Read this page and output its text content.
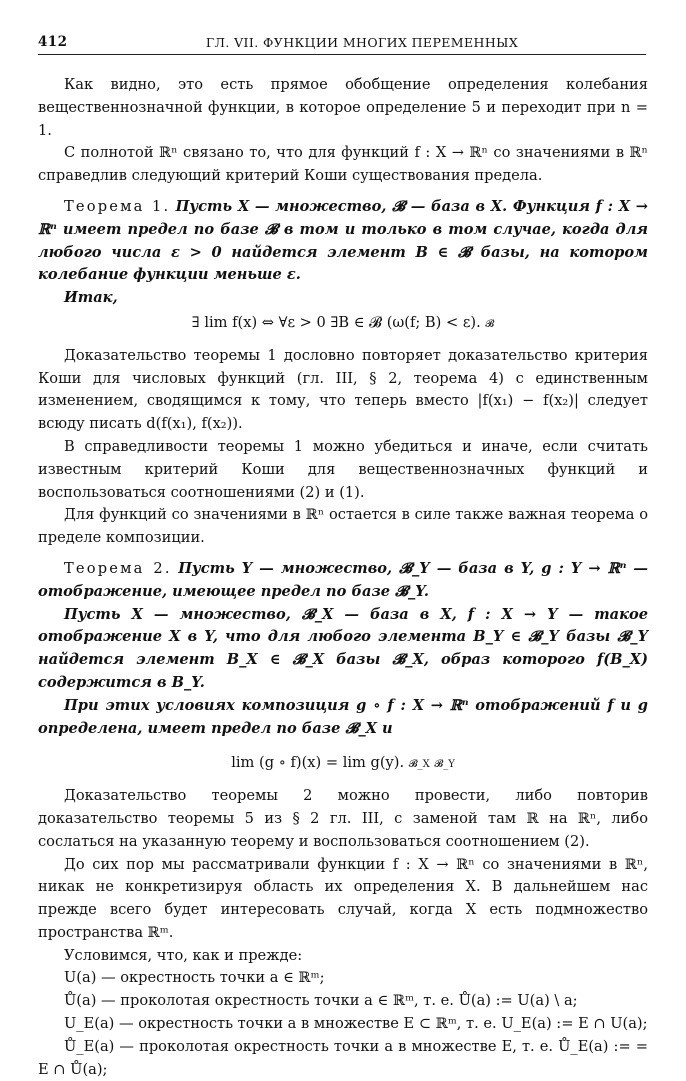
412	ГЛ. VII. ФУНКЦИИ МНОГИХ ПЕРЕМЕННЫХ

Как видно, это есть прямое обобщение определения колебания вещественнозначной функции, в которое определение 5 и переходит при n = 1.

С полнотой ℝⁿ связано то, что для функций f : X → ℝⁿ со значениями в ℝⁿ справедлив следующий критерий Коши существования предела.

Теорема 1. Пусть X — множество, 𝓑 — база в X. Функция f : X → ℝⁿ имеет предел по базе 𝓑 в том и только в том случае, когда для любого числа ε > 0 найдется элемент B ∈ 𝓑 базы, на котором колебание функции меньше ε.

Итак,

∃ lim f(x) ⇔ ∀ε > 0 ∃B ∈ 𝓑 (ω(f; B) < ε). 𝓑

Доказательство теоремы 1 дословно повторяет доказательство критерия Коши для числовых функций (гл. III, § 2, теорема 4) с единственным изменением, сводящимся к тому, что теперь вместо |f(x₁) − f(x₂)| следует всюду писать d(f(x₁), f(x₂)).

В справедливости теоремы 1 можно убедиться и иначе, если считать известным критерий Коши для вещественнозначных функций и воспользоваться соотношениями (2) и (1).

Для функций со значениями в ℝⁿ остается в силе также важная теорема о пределе композиции.

Теорема 2. Пусть Y — множество, 𝓑_Y — база в Y, g : Y → ℝⁿ — отображение, имеющее предел по базе 𝓑_Y.

Пусть X — множество, 𝓑_X — база в X, f : X → Y — такое отображение X в Y, что для любого элемента B_Y ∈ 𝓑_Y базы 𝓑_Y найдется элемент B_X ∈ 𝓑_X базы 𝓑_X, образ которого f(B_X) содержится в B_Y.

При этих условиях композиция g ∘ f : X → ℝⁿ отображений f и g определена, имеет предел по базе 𝓑_X и

lim (g ∘ f)(x) = lim g(y). 𝓑_X 𝓑_Y

Доказательство теоремы 2 можно провести, либо повторив доказательство теоремы 5 из § 2 гл. III, с заменой там ℝ на ℝⁿ, либо сослаться на указанную теорему и воспользоваться соотношением (2).

До сих пор мы рассматривали функции f : X → ℝⁿ со значениями в ℝⁿ, никак не конкретизируя область их определения X. В дальнейшем нас прежде всего будет интересовать случай, когда X есть подмножество пространства ℝᵐ.

Условимся, что, как и прежде:

U(a) — окрестность точки a ∈ ℝᵐ;

Ů(a) — проколотая окрестность точки a ∈ ℝᵐ, т. е. Ů(a) := U(a) \ a;

U_E(a) — окрестность точки a в множестве E ⊂ ℝᵐ, т. е. U_E(a) := E ∩ U(a);

Ů_E(a) — проколотая окрестность точки a в множестве E, т. е. Ů_E(a) := = E ∩ Ů(a);
